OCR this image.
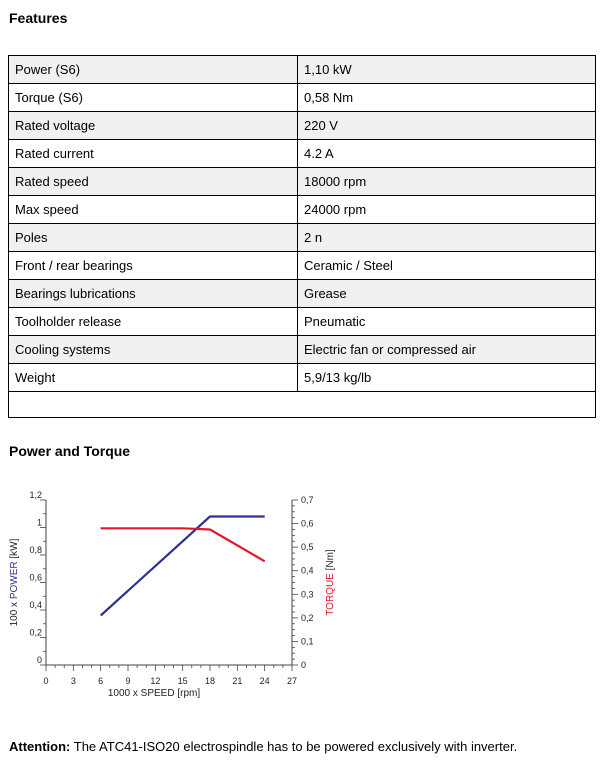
Features
Power (S6)	1,10 kW
Torque (S6)	0,58 Nm
Rated voltage	220 V
Rated current	4.2 A
Rated speed	18000 rpm
Max speed	24000 rpm
Poles	2 n
Front / rear bearings	Ceramic / Steel
Bearings lubrications	Grease
Toolholder release	Pneumatic
Cooling systems	Electric fan or compressed air
Weight	5,9/13 kg/lb
Power and Torque
0 3 6 9 12 15 18 21 24 27
0
0,2
0,4
0,6
0,8
1
1,2
0
0,1
0,2
0,3
0,4
0,5
0,6
0,7
1000 x SPEED [rpm]
100 x POWER [kW]
TORQUE [Nm]
Attention: The ATC41-ISO20 electrospindle has to be powered exclusively with inverter.
